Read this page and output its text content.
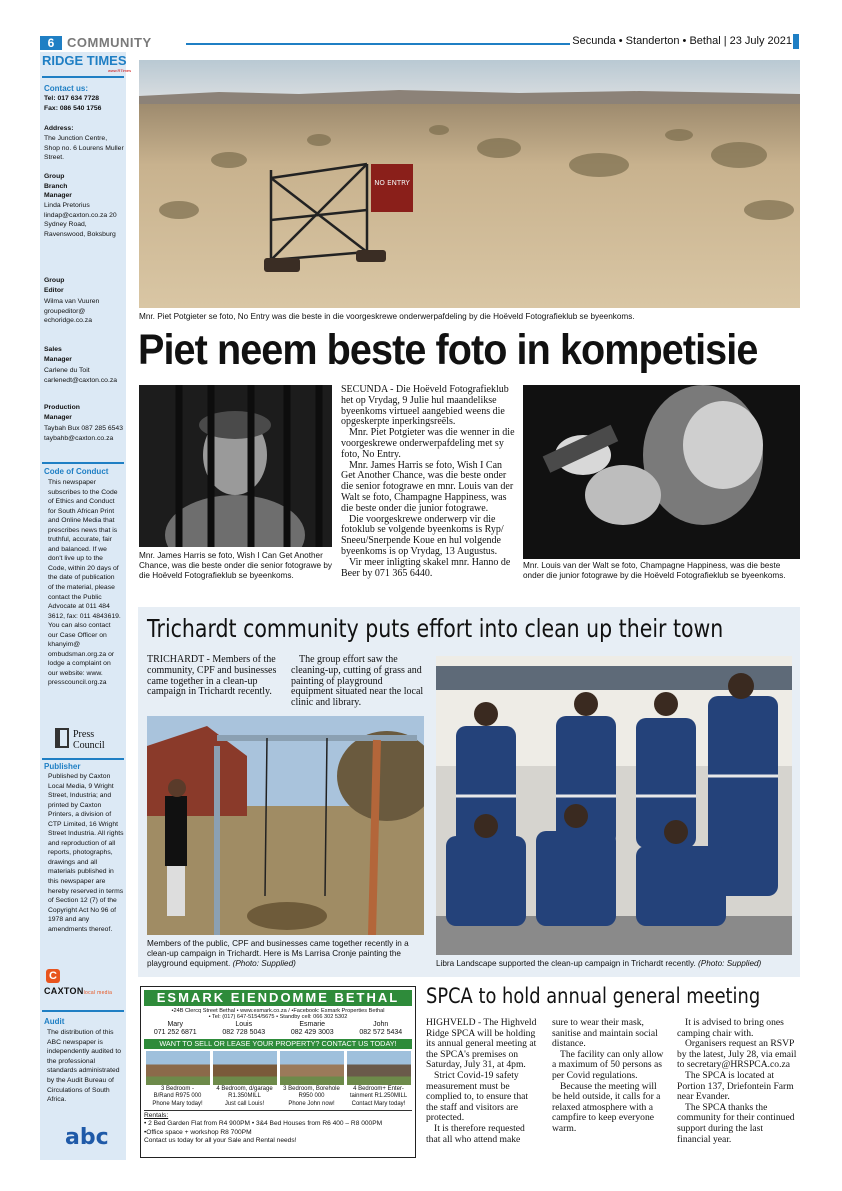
6 COMMUNITY	Secunda • Standerton • Bethal | 23 July 2021
RIDGE TIMES
www.RTimes
Contact us:
Tel: 017 634 7728
Fax: 086 540 1756
Address:
The Junction Centre, Shop no. 6 Lourens Muller Street.
Group Branch Manager
Linda Pretorius lindap@caxton.co.za 20 Sydney Road, Ravenswood, Boksburg
Group Editor
Wilma van Vuuren groupeditor@ echoridge.co.za
Sales Manager
Carlene du Toit carlenedt@caxton.co.za
Production Manager
Taybah Bux 087 285 6543 taybahb@caxton.co.za
Code of Conduct
This newspaper subscribes to the Code of Ethics and Conduct for South African Print and Online Media that prescribes news that is truthful, accurate, fair and balanced. If we don't live up to the Code, within 20 days of the date of publication of the material, please contact the Public Advocate at 011 484 3612, fax: 011 4843619. You can also contact our Case Officer on khanyim@ ombudsman.org.za or lodge a complaint on our website: www. presscouncil.org.za
Press Council
Publisher
Published by Caxton Local Media, 9 Wright Street, Industria; and printed by Caxton Printers, a division of CTP Limited, 16 Wright Street Industria. All rights and reproduction of all reports, photographs, drawings and all materials published in this newspaper are hereby reserved in terms of Section 12 (7) of the Copyright Act No 96 of 1978 and any amendments thereof.
C
CAXTONlocal media
Audit
The distribution of this ABC newspaper is independently audited to the professional standards administrated by the Audit Bureau of Circulations of South Africa.
abc
NO ENTRY
Mnr. Piet Potgieter se foto, No Entry was die beste in die voorgeskrewe onderwerpafdeling by die Hoëveld Fotografieklub se byeenkoms.
Piet neem beste foto in kompetisie
Mnr. James Harris se foto, Wish I Can Get Another Chance, was die beste onder die senior fotograwe by die Hoëveld Fotografieklub se byeenkoms.

SECUNDA - Die Hoëveld Fotografieklub het op Vrydag, 9 Julie hul maandelikse byeenkoms virtueel aangebied weens die opgeskerpte inperkingsreëls.

Mnr. Piet Potgieter was die wenner in die voorgeskrewe onderwerpafdeling met sy foto, No Entry.

Mnr. James Harris se foto, Wish I Can Get Another Chance, was die beste onder die senior fotograwe en mnr. Louis van der Walt se foto, Champagne Happiness, was die beste onder die junior fotograwe.

Die voorgeskrewe onderwerp vir die fotoklub se volgende byeenkoms is Ryp/ Sneeu/Snerpende Koue en hul volgende byeenkoms is op Vrydag, 13 Augustus.

Vir meer inligting skakel mnr. Hanno de Beer by 071 365 6440.

Mnr. Louis van der Walt se foto, Champagne Happiness, was die beste onder die junior fotograwe by die Hoëveld Fotografieklub se byeenkoms.
Trichardt community puts effort into clean up their town
TRICHARDT - Members of the community, CPF and businesses came together in a clean-up campaign in Trichardt recently.
The group effort saw the cleaning-up, cutting of grass and painting of playground equipment situated near the local clinic and library.
Members of the public, CPF and businesses came together recently in a clean-up campaign in Trichardt. Here is Ms Larrisa Cronje painting the playground equipment. (Photo: Supplied)	Libra Landscape supported the clean-up campaign in Trichardt recently. (Photo: Supplied)
ESMARK EIENDOMME BETHAL
•24B Clercq Street Bethal • www.esmark.co.za / •Facebook: Esmark Properties Bethal
• Tel: (017) 647-5154/5675 • Standby cell: 066 302 5302
Mary
071 252 6871
Louis
082 728 5043
Esmarie
082 429 3003
John
082 572 5434
WANT TO SELL OR LEASE YOUR PROPERTY? CONTACT US TODAY!
3 Bedroom -
B/Rand R975 000
Phone Mary today!
4 Bedroom, d/garage
R1.350MILL
Just call Louis!
3 Bedroom, Borehole
R950 000
Phone John now!
4 Bedroom+ Enter-
tainment R1.250MILL
Contact Mary today!
Rentals:
• 2 Bed Garden Flat from R4 900PM • 3&4 Bed Houses from R6 400 – R8 000PM
•Office space + workshop R8 700PM
Contact us today for all your Sale and Rental needs!
SPCA to hold annual general meeting

HIGHVELD - The Highveld Ridge SPCA will be holding its annual general meeting at the SPCA's premises on Saturday, July 31, at 4pm.

Strict Covid-19 safety measurement must be complied to, to ensure that the staff and visitors are protected.

It is therefore requested that all who attend make

sure to wear their mask, sanitise and maintain social distance.

The facility can only allow a maximum of 50 persons as per Covid regulations.

Because the meeting will be held outside, it calls for a relaxed atmosphere with a campfire to keep everyone warm.

It is advised to bring ones camping chair with.

Organisers request an RSVP by the latest, July 28, via email to secretary@HRSPCA.co.za

The SPCA is located at Portion 137, Driefontein Farm near Evander.

The SPCA thanks the community for their continued support during the last financial year.
